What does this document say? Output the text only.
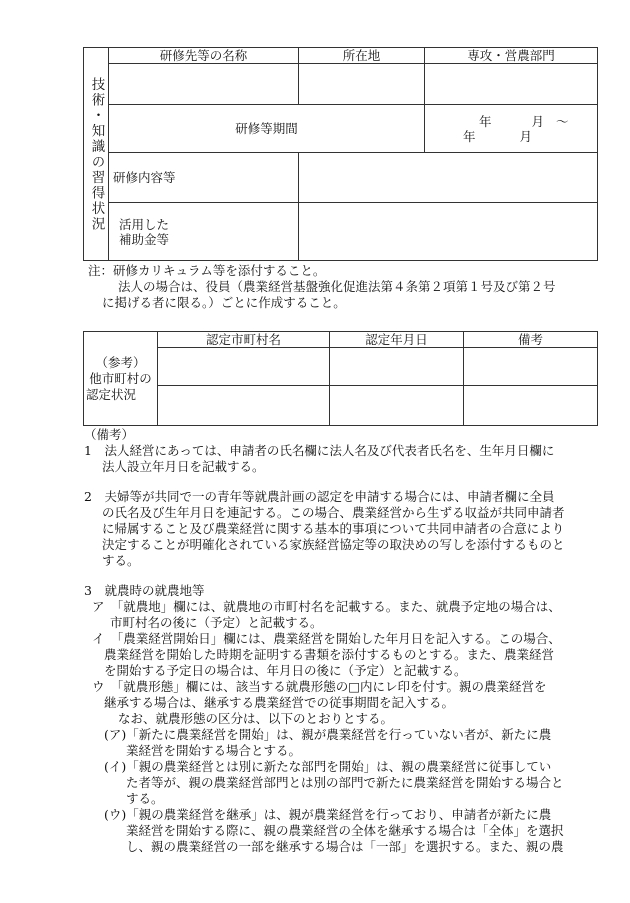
技術・知識の習得状況	研修先等の名称	所在地	専攻・営農部門

	研修等期間		年 月 〜年 月
	研修内容等		

	活用した
補助金等		

注：研修カリキュラム等を添付すること。
法人の場合は、役員（農業経営基盤強化促進法第４条第２項第１号及び第２号
に掲げる者に限る。）ごとに作成すること。
（参考）
他市町村の
認定状況	認定市町村名	認定年月日	備考

（備考）
1　法人経営にあっては、申請者の氏名欄に法人名及び代表者氏名を、生年月日欄に
法人設立年月日を記載する。
2　夫婦等が共同で一の青年等就農計画の認定を申請する場合には、申請者欄に全員
の氏名及び生年月日を連記する。この場合、農業経営から生ずる収益が共同申請者
に帰属すること及び農業経営に関する基本的事項について共同申請者の合意により
決定することが明確化されている家族経営協定等の取決めの写しを添付するものと
する。
3　就農時の就農地等
ア　「就農地」欄には、就農地の市町村名を記載する。また、就農予定地の場合は、
市町村名の後に（予定）と記載する。
イ　「農業経営開始日」欄には、農業経営を開始した年月日を記入する。この場合、
農業経営を開始した時期を証明する書類を添付するものとする。また、農業経営
を開始する予定日の場合は、年月日の後に（予定）と記載する。
ウ　「就農形態」欄には、該当する就農形態の□内にレ印を付す。親の農業経営を
継承する場合は、継承する農業経営での従事期間を記入する。
なお、就農形態の区分は、以下のとおりとする。
(ア)「新たに農業経営を開始」は、親が農業経営を行っていない者が、新たに農
業経営を開始する場合とする。
(イ)「親の農業経営とは別に新たな部門を開始」は、親の農業経営に従事してい
た者等が、親の農業経営部門とは別の部門で新たに農業経営を開始する場合と
する。
(ウ)「親の農業経営を継承」は、親が農業経営を行っており、申請者が新たに農
業経営を開始する際に、親の農業経営の全体を継承する場合は「全体」を選択
し、親の農業経営の一部を継承する場合は「一部」を選択する。また、親の農
